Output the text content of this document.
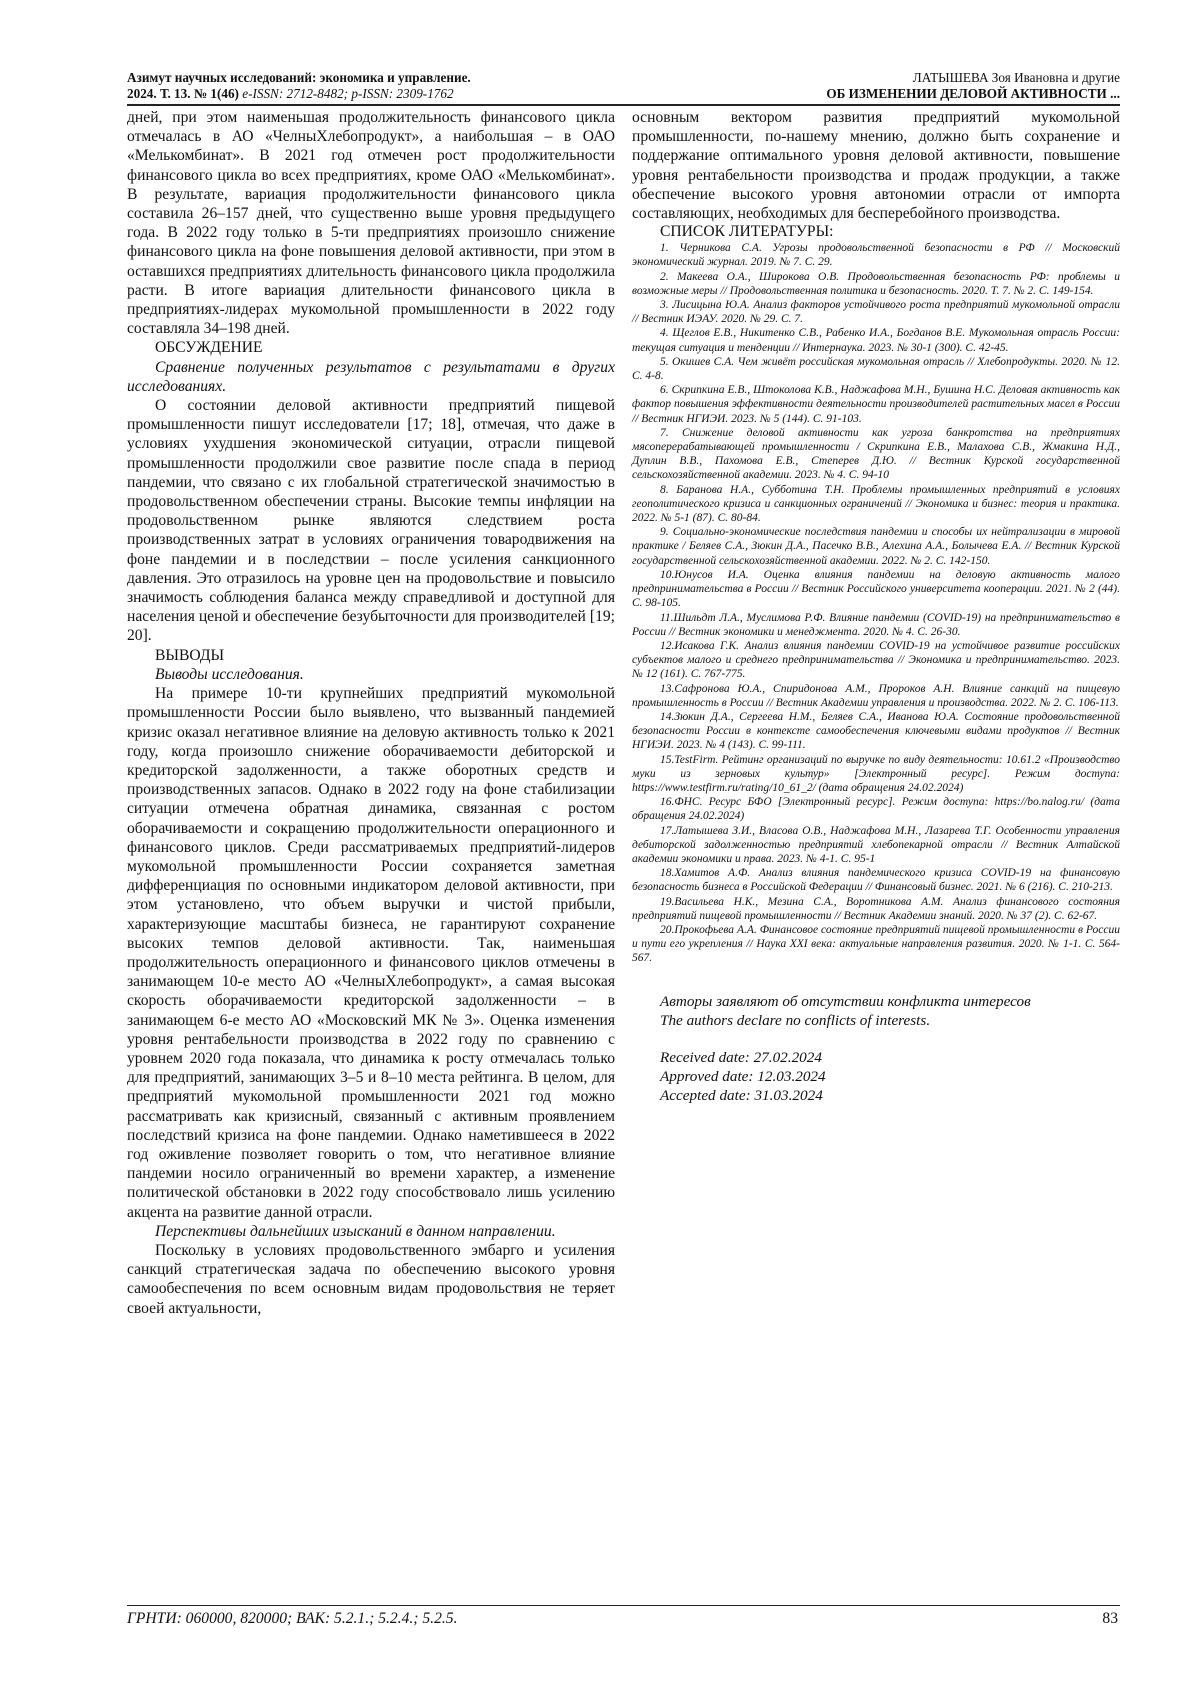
Азимут научных исследований: экономика и управление.
2024. Т. 13. № 1(46) e-ISSN: 2712-8482; p-ISSN: 2309-1762
ЛАТЫШЕВА Зоя Ивановна и другие
ОБ ИЗМЕНЕНИИ ДЕЛОВОЙ АКТИВНОСТИ ...

дней, при этом наименьшая продолжительность финансового цикла отмечалась в АО «ЧелныХлебопродукт», а наибольшая – в ОАО «Мелькомбинат». В 2021 год отмечен рост продолжительности финансового цикла во всех предприятиях, кроме ОАО «Мелькомбинат». В результате, вариация продолжительности финансового цикла составила 26–157 дней, что существенно выше уровня предыдущего года. В 2022 году только в 5-ти предприятиях произошло снижение финансового цикла на фоне повышения деловой активности, при этом в оставшихся предприятиях длительность финансового цикла продолжила расти. В итоге вариация длительности финансового цикла в предприятиях-лидерах мукомольной промышленности в 2022 году составляла 34–198 дней.

ОБСУЖДЕНИЕ

Сравнение полученных результатов с результатами в других исследованиях.

О состоянии деловой активности предприятий пищевой промышленности пишут исследователи [17; 18], отмечая, что даже в условиях ухудшения экономической ситуации, отрасли пищевой промышленности продолжили свое развитие после спада в период пандемии, что связано с их глобальной стратегической значимостью в продовольственном обеспечении страны. Высокие темпы инфляции на продовольственном рынке являются следствием роста производственных затрат в условиях ограничения товародвижения на фоне пандемии и в последствии – после усиления санкционного давления. Это отразилось на уровне цен на продовольствие и повысило значимость соблюдения баланса между справедливой и доступной для населения ценой и обеспечение безубыточности для производителей [19; 20].

ВЫВОДЫ

Выводы исследования.

На примере 10-ти крупнейших предприятий мукомольной промышленности России было выявлено, что вызванный пандемией кризис оказал негативное влияние на деловую активность только к 2021 году, когда произошло снижение оборачиваемости дебиторской и кредиторской задолженности, а также оборотных средств и производственных запасов. Однако в 2022 году на фоне стабилизации ситуации отмечена обратная динамика, связанная с ростом оборачиваемости и сокращению продолжительности операционного и финансового циклов. Среди рассматриваемых предприятий-лидеров мукомольной промышленности России сохраняется заметная дифференциация по основными индикатором деловой активности, при этом установлено, что объем выручки и чистой прибыли, характеризующие масштабы бизнеса, не гарантируют сохранение высоких темпов деловой активности. Так, наименьшая продолжительность операционного и финансового циклов отмечены в занимающем 10-е место АО «ЧелныХлебопродукт», а самая высокая скорость оборачиваемости кредиторской задолженности – в занимающем 6-е место АО «Московский МК № 3». Оценка изменения уровня рентабельности производства в 2022 году по сравнению с уровнем 2020 года показала, что динамика к росту отмечалась только для предприятий, занимающих 3–5 и 8–10 места рейтинга. В целом, для предприятий мукомольной промышленности 2021 год можно рассматривать как кризисный, связанный с активным проявлением последствий кризиса на фоне пандемии. Однако наметившееся в 2022 год оживление позволяет говорить о том, что негативное влияние пандемии носило ограниченный во времени характер, а изменение политической обстановки в 2022 году способствовало лишь усилению акцента на развитие данной отрасли.

Перспективы дальнейших изысканий в данном направлении.

Поскольку в условиях продовольственного эмбарго и усиления санкций стратегическая задача по обеспечению высокого уровня самообеспечения по всем основным видам продовольствия не теряет своей актуальности,

основным вектором развития предприятий мукомольной промышленности, по-нашему мнению, должно быть сохранение и поддержание оптимального уровня деловой активности, повышение уровня рентабельности производства и продаж продукции, а также обеспечение высокого уровня автономии отрасли от импорта составляющих, необходимых для бесперебойного производства.

СПИСОК ЛИТЕРАТУРЫ:

1. Черникова С.А. Угрозы продовольственной безопасности в РФ // Московский экономический журнал. 2019. № 7. С. 29.

2. Макеева О.А., Широкова О.В. Продовольственная безопасность РФ: проблемы и возможные меры // Продовольственная политика и безопасность. 2020. Т. 7. № 2. С. 149-154.

3. Лисицына Ю.А. Анализ факторов устойчивого роста предприятий мукомольной отрасли // Вестник ИЭАУ. 2020. № 29. С. 7.

4. Щеглов Е.В., Никитенко С.В., Рабенко И.А., Богданов В.Е. Мукомольная отрасль России: текущая ситуация и тенденции // Интернаука. 2023. № 30-1 (300). С. 42-45.

5. Окишев С.А. Чем живёт российская мукомольная отрасль // Хлебопродукты. 2020. № 12. С. 4-8.

6. Скрипкина Е.В., Штоколова К.В., Наджафова М.Н., Бушина Н.С. Деловая активность как фактор повышения эффективности деятельности производителей растительных масел в России // Вестник НГИЭИ. 2023. № 5 (144). С. 91-103.

7. Снижение деловой активности как угроза банкротства на предприятиях мясоперерабатывающей промышленности / Скрипкина Е.В., Малахова С.В., Жмакина Н.Д., Дуплин В.В., Пахомова Е.В., Степерев Д.Ю. // Вестник Курской государственной сельскохозяйственной академии. 2023. № 4. С. 94-10

8. Баранова Н.А., Субботина Т.Н. Проблемы промышленных предприятий в условиях геополитического кризиса и санкционных ограничений // Экономика и бизнес: теория и практика. 2022. № 5-1 (87). С. 80-84.

9. Социально-экономические последствия пандемии и способы их нейтрализации в мировой практике / Беляев С.А., Зюкин Д.А., Пасечко В.В., Алехина А.А., Болычева Е.А. // Вестник Курской государственной сельскохозяйственной академии. 2022. № 2. С. 142-150.

10.Юнусов И.А. Оценка влияния пандемии на деловую активность малого предпринимательства в России // Вестник Российского университета кооперации. 2021. № 2 (44). С. 98-105.

11.Шильдт Л.А., Муслимова Р.Ф. Влияние пандемии (COVID-19) на предпринимательство в России // Вестник экономики и менеджмента. 2020. № 4. С. 26-30.

12.Исакова Г.К. Анализ влияния пандемии COVID-19 на устойчивое развитие российских субъектов малого и среднего предпринимательства // Экономика и предпринимательство. 2023. № 12 (161). С. 767-775.

13.Сафронова Ю.А., Спиридонова А.М., Пророков А.Н. Влияние санкций на пищевую промышленность в России // Вестник Академии управления и производства. 2022. № 2. С. 106-113.

14.Зюкин Д.А., Сергеева Н.М., Беляев С.А., Иванова Ю.А. Состояние продовольственной безопасности России в контексте самообеспечения ключевыми видами продуктов // Вестник НГИЭИ. 2023. № 4 (143). С. 99-111.

15.TestFirm. Рейтинг организаций по выручке по виду деятельности: 10.61.2 «Производство муки из зерновых культур» [Электронный ресурс]. Режим доступа: https://www.testfirm.ru/rating/10_61_2/ (дата обращения 24.02.2024)

16.ФНС. Ресурс БФО [Электронный ресурс]. Режим доступа: https://bo.nalog.ru/ (дата обращения 24.02.2024)

17.Латышева З.И., Власова О.В., Наджафова М.Н., Лазарева Т.Г. Особенности управления дебиторской задолженностью предприятий хлебопекарной отрасли // Вестник Алтайской академии экономики и права. 2023. № 4-1. С. 95-1

18.Хамитов А.Ф. Анализ влияния пандемического кризиса COVID-19 на финансовую безопасность бизнеса в Российской Федерации // Финансовый бизнес. 2021. № 6 (216). С. 210-213.

19.Васильева Н.К., Мезина С.А., Воротникова А.М. Анализ финансового состояния предприятий пищевой промышленности // Вестник Академии знаний. 2020. № 37 (2). С. 62-67.

20.Прокофьева А.А. Финансовое состояние предприятий пищевой промышленности в России и пути его укрепления // Наука XXI века: актуальные направления развития. 2020. № 1-1. С. 564-567.

Авторы заявляют об отсутствии конфликта интересов

The authors declare no conflicts of interests.

Received date: 27.02.2024

Approved date: 12.03.2024

Accepted date: 31.03.2024

ГРНТИ: 060000, 820000; ВАК: 5.2.1.; 5.2.4.; 5.2.5.	83
